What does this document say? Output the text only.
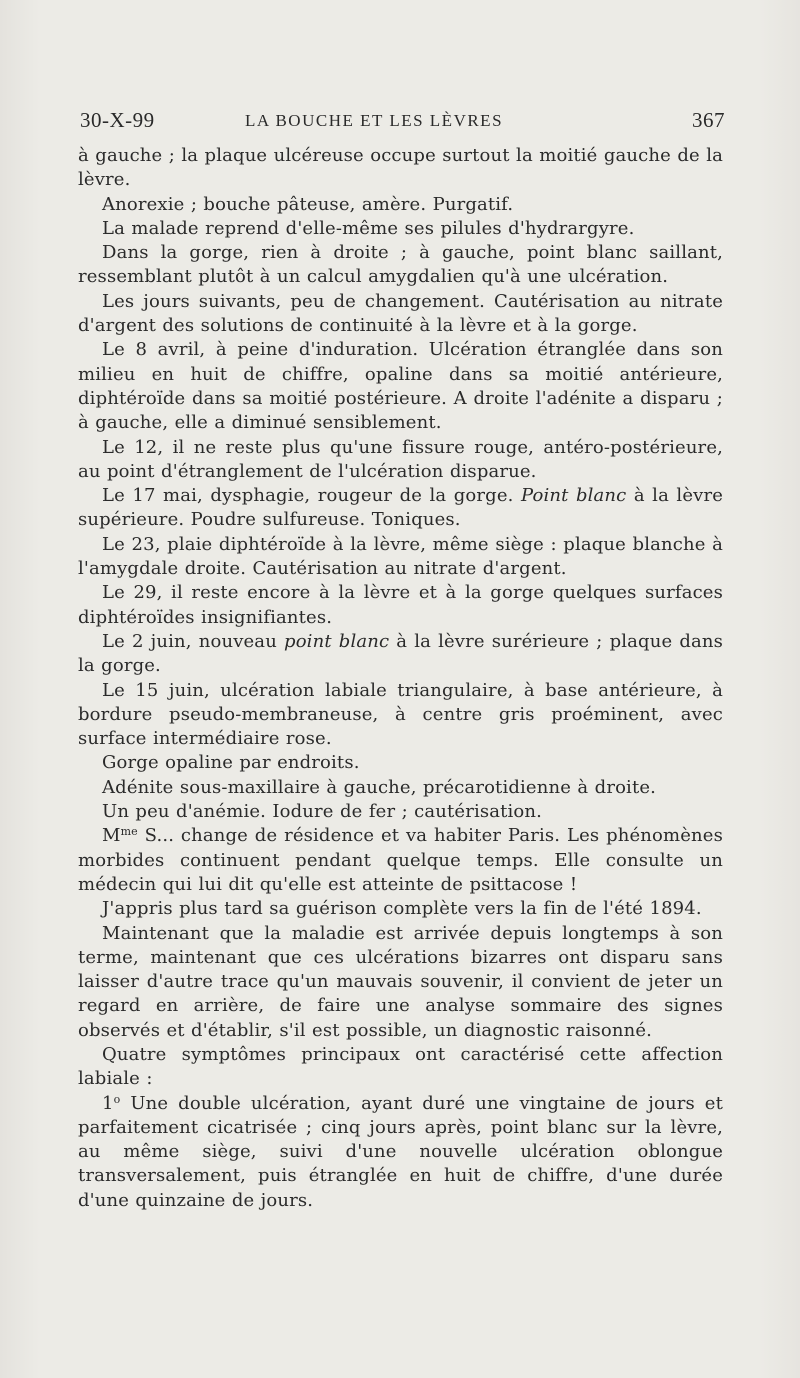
30-X-99	LA BOUCHE ET LES LÈVRES	367

à gauche ; la plaque ulcéreuse occupe surtout la moitié gauche de la lèvre.

Anorexie ; bouche pâteuse, amère. Purgatif.

La malade reprend d'elle-même ses pilules d'hydrargyre.

Dans la gorge, rien à droite ; à gauche, point blanc saillant, ressemblant plutôt à un calcul amygdalien qu'à une ulcération.

Les jours suivants, peu de changement. Cautérisation au nitrate d'argent des solutions de continuité à la lèvre et à la gorge.

Le 8 avril, à peine d'induration. Ulcération étranglée dans son milieu en huit de chiffre, opaline dans sa moitié antérieure, diphtéroïde dans sa moitié postérieure. A droite l'adénite a disparu ; à gauche, elle a diminué sensiblement.

Le 12, il ne reste plus qu'une fissure rouge, antéro-postérieure, au point d'étranglement de l'ulcération disparue.

Le 17 mai, dysphagie, rougeur de la gorge. Point blanc à la lèvre supérieure. Poudre sulfureuse. Toniques.

Le 23, plaie diphtéroïde à la lèvre, même siège : plaque blanche à l'amygdale droite. Cautérisation au nitrate d'argent.

Le 29, il reste encore à la lèvre et à la gorge quelques surfaces diphtéroïdes insignifiantes.

Le 2 juin, nouveau point blanc à la lèvre surérieure ; plaque dans la gorge.

Le 15 juin, ulcération labiale triangulaire, à base antérieure, à bordure pseudo-membraneuse, à centre gris proéminent, avec surface intermédiaire rose.

Gorge opaline par endroits.

Adénite sous-maxillaire à gauche, précarotidienne à droite.

Un peu d'anémie. Iodure de fer ; cautérisation.

$M^{me}$ S... change de résidence et va habiter Paris. Les phénomènes morbides continuent pendant quelque temps. Elle consulte un médecin qui lui dit qu'elle est atteinte de psittacose !

J'appris plus tard sa guérison complète vers la fin de l'été 1894.

Maintenant que la maladie est arrivée depuis longtemps à son terme, maintenant que ces ulcérations bizarres ont disparu sans laisser d'autre trace qu'un mauvais souvenir, il convient de jeter un regard en arrière, de faire une analyse sommaire des signes observés et d'établir, s'il est possible, un diagnostic raisonné.

Quatre symptômes principaux ont caractérisé cette affection labiale :

1$^o$ Une double ulcération, ayant duré une vingtaine de jours et parfaitement cicatrisée ; cinq jours après, point blanc sur la lèvre, au même siège, suivi d'une nouvelle ulcération oblongue transversalement, puis étranglée en huit de chiffre, d'une durée d'une quinzaine de jours.
